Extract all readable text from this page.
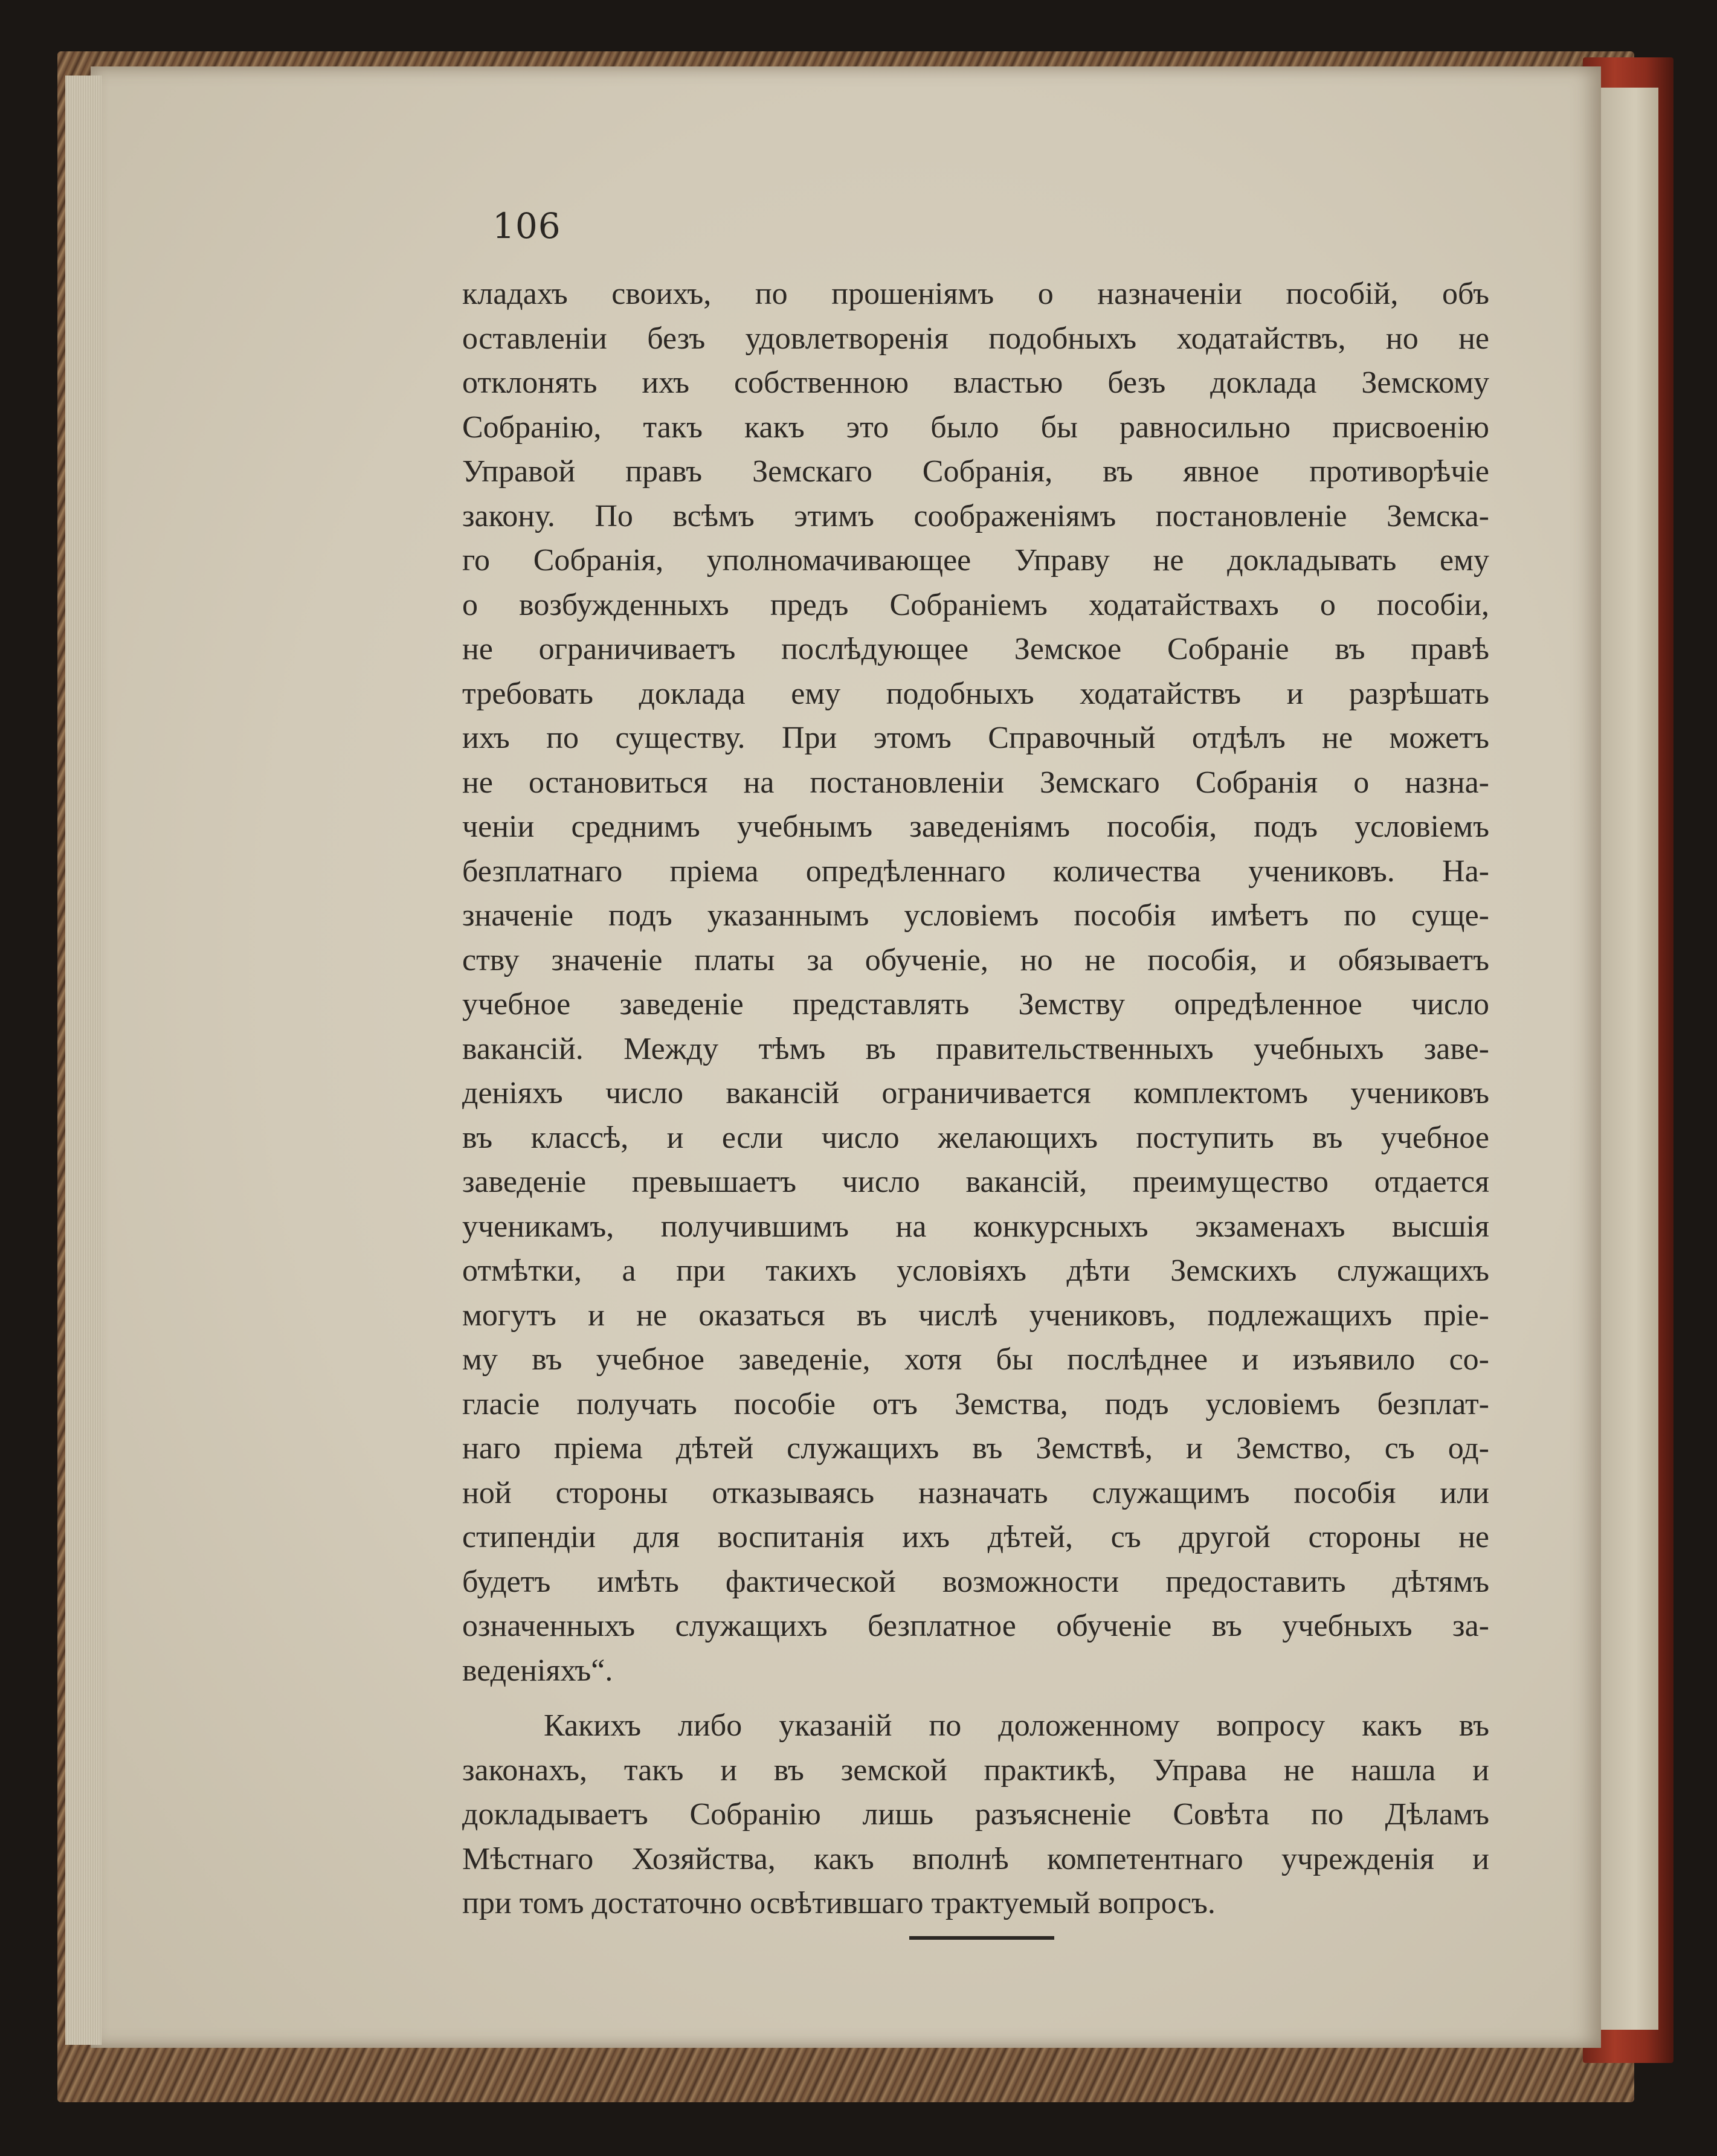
106
кладахъ своихъ, по прошеніямъ о назначеніи пособій, объ
оставленіи безъ удовлетворенія подобныхъ ходатайствъ, но не
отклонять ихъ собственною властью безъ доклада Земскому
Собранію, такъ какъ это было бы равносильно присвоенію
Управой правъ Земскаго Собранія, въ явное противорѣчіе
закону. По всѣмъ этимъ соображеніямъ постановленіе Земска-
го Собранія, уполномачивающее Управу не докладывать ему
о возбужденныхъ предъ Собраніемъ ходатайствахъ о пособіи,
не ограничиваетъ послѣдующее Земское Собраніе въ правѣ
требовать доклада ему подобныхъ ходатайствъ и разрѣшать
ихъ по существу. При этомъ Справочный отдѣлъ не можетъ
не остановиться на постановленіи Земскаго Собранія о назна-
ченіи среднимъ учебнымъ заведеніямъ пособія, подъ условіемъ
безплатнаго пріема опредѣленнаго количества учениковъ. На-
значеніе подъ указаннымъ условіемъ пособія имѣетъ по суще-
ству значеніе платы за обученіе, но не пособія, и обязываетъ
учебное заведеніе представлять Земству опредѣленное число
вакансій. Между тѣмъ въ правительственныхъ учебныхъ заве-
деніяхъ число вакансій ограничивается комплектомъ учениковъ
въ классѣ, и если число желающихъ поступить въ учебное
заведеніе превышаетъ число вакансій, преимущество отдается
ученикамъ, получившимъ на конкурсныхъ экзаменахъ высшія
отмѣтки, а при такихъ условіяхъ дѣти Земскихъ служащихъ
могутъ и не оказаться въ числѣ учениковъ, подлежащихъ пріе-
му въ учебное заведеніе, хотя бы послѣднее и изъявило со-
гласіе получать пособіе отъ Земства, подъ условіемъ безплат-
наго пріема дѣтей служащихъ въ Земствѣ, и Земство, съ од-
ной стороны отказываясь назначать служащимъ пособія или
стипендіи для воспитанія ихъ дѣтей, съ другой стороны не
будетъ имѣть фактической возможности предоставить дѣтямъ
означенныхъ служащихъ безплатное обученіе въ учебныхъ за-
веденіяхъ“.
Какихъ либо указаній по доложенному вопросу какъ въ
законахъ, такъ и въ земской практикѣ, Управа не нашла и
докладываетъ Собранію лишь разъясненіе Совѣта по Дѣламъ
Мѣстнаго Хозяйства, какъ вполнѣ компетентнаго учрежденія и
при томъ достаточно освѣтившаго трактуемый вопросъ.
